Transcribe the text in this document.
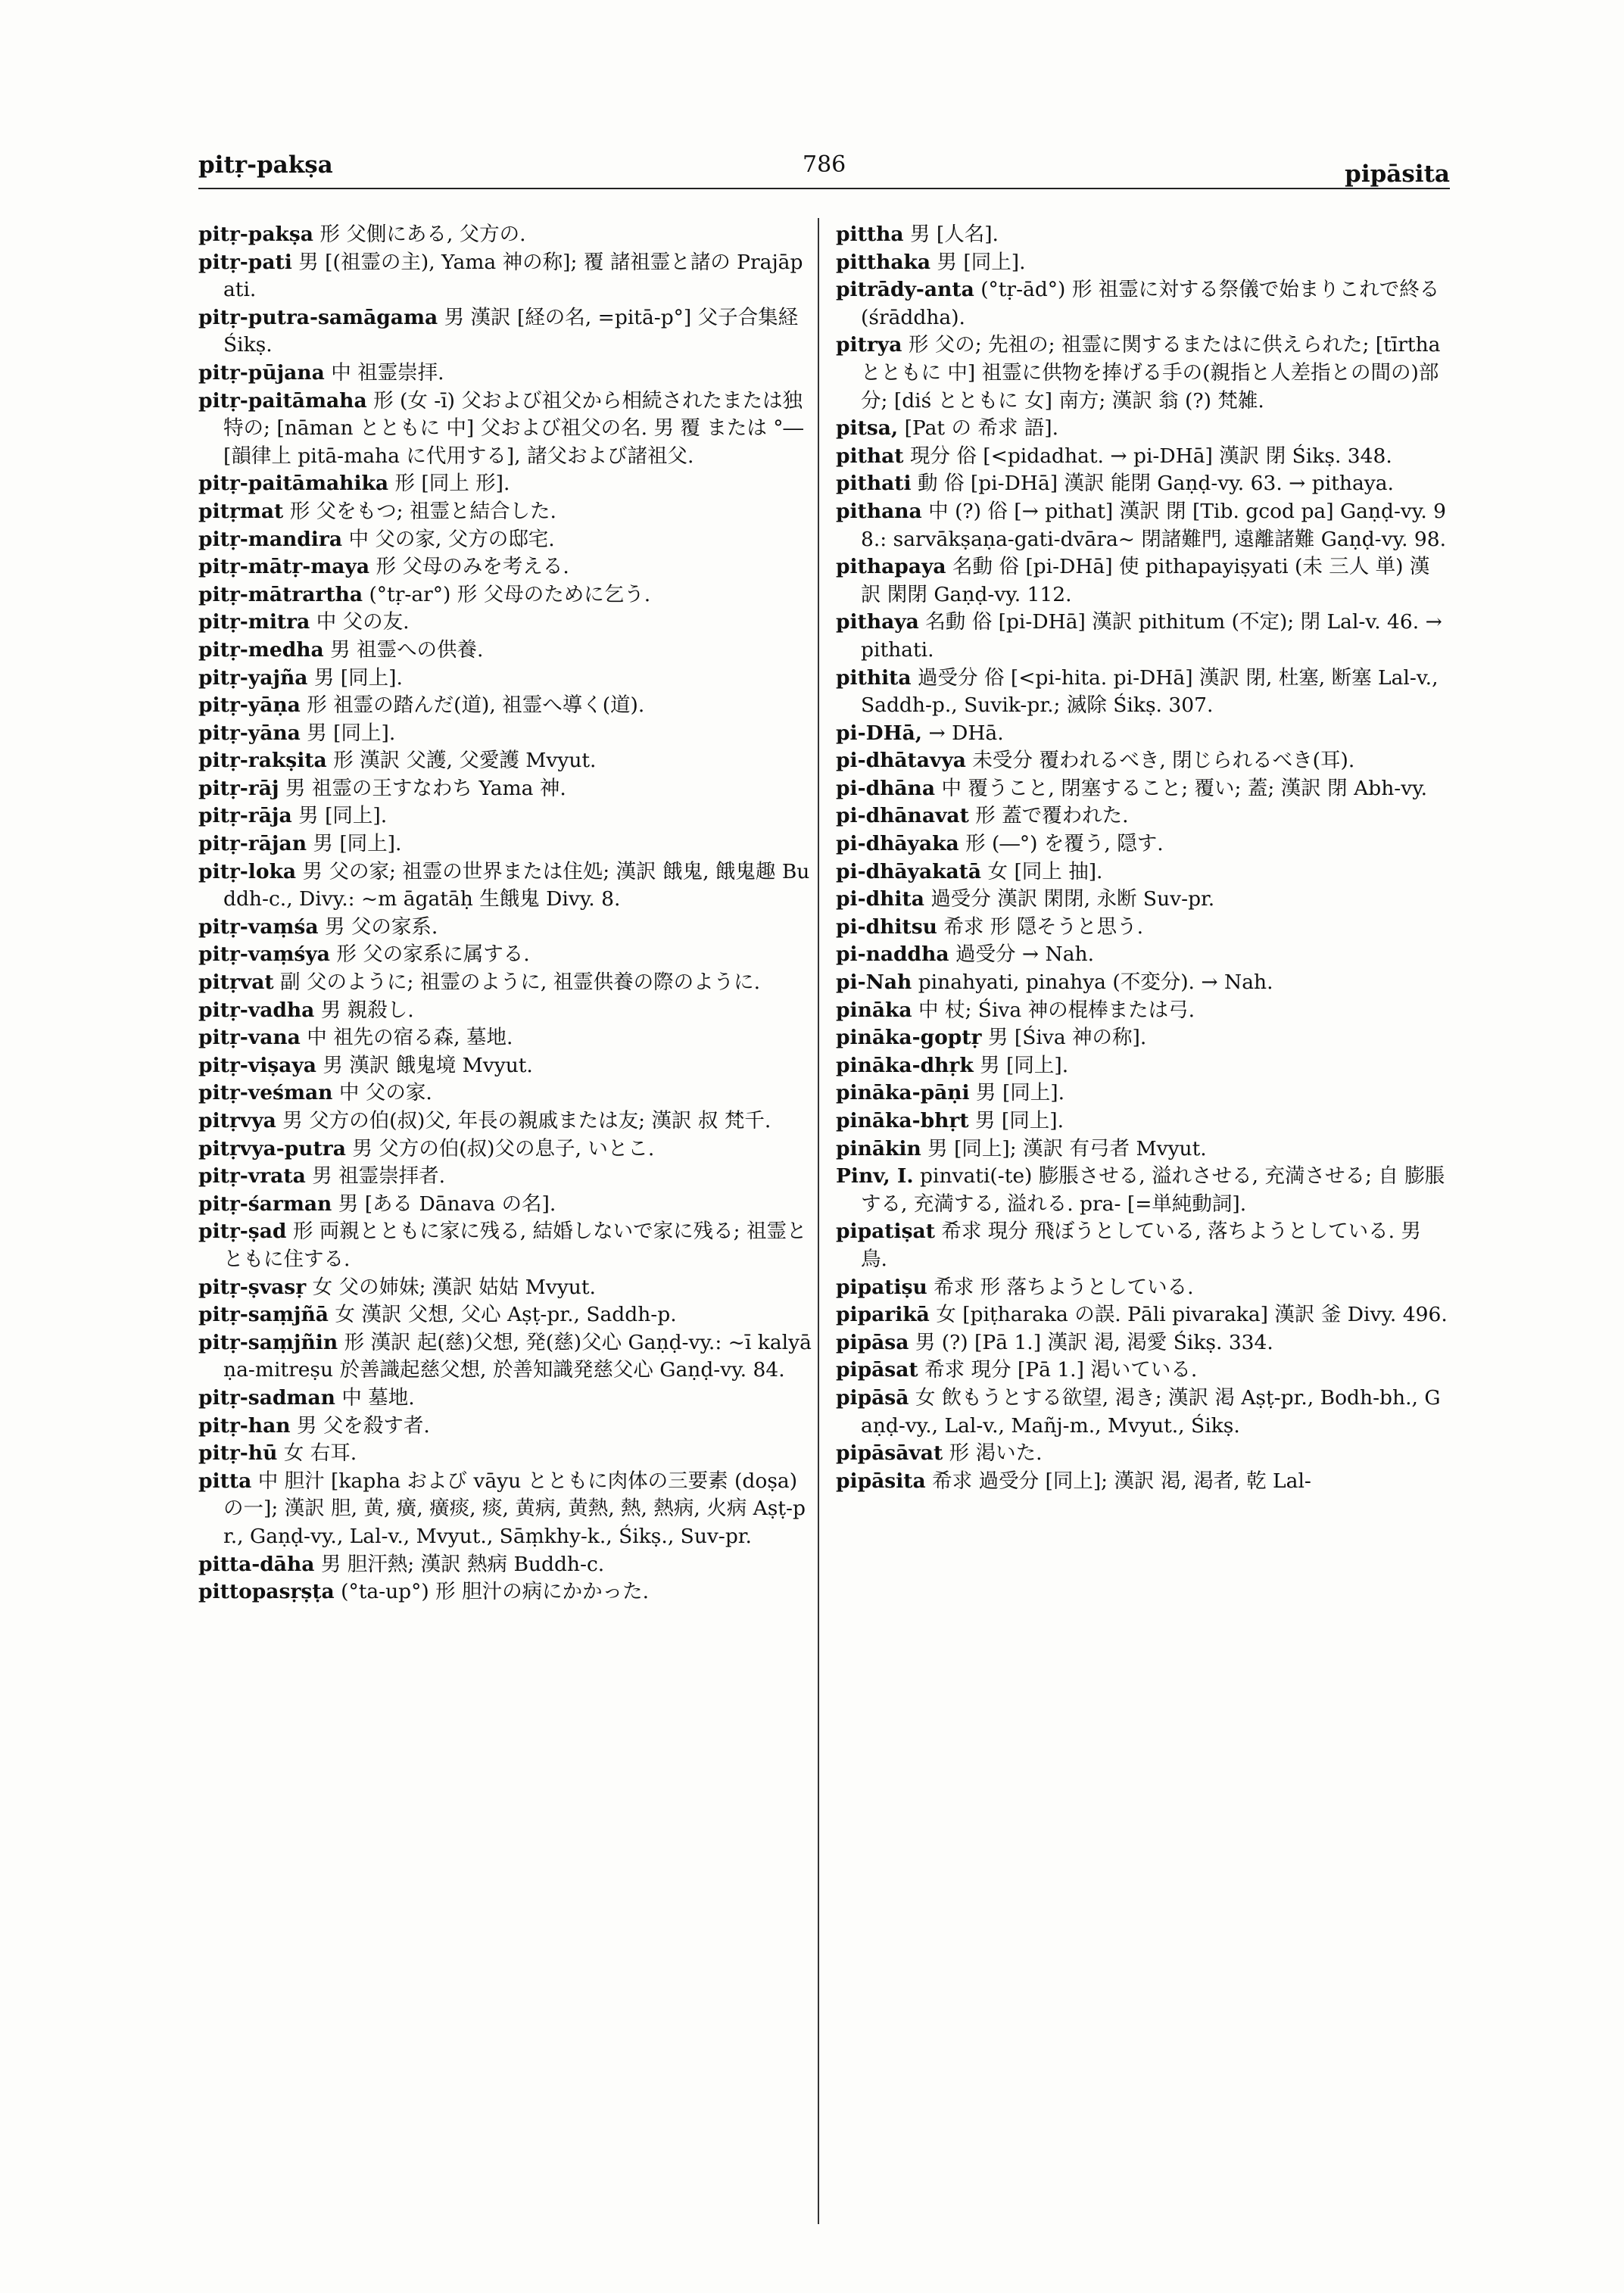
pitṛ-pakṣa	786	pipāsita

pitṛ-pakṣa 形 父側にある, 父方の.

pitṛ-pati 男 [(祖霊の主), Yama 神の称]; 覆 諸祖霊と諸の Prajāpati.

pitṛ-putra-samāgama 男 漢訳 [経の名, =pitā-p°] 父子合集経 Śikṣ.

pitṛ-pūjana 中 祖霊崇拝.

pitṛ-paitāmaha 形 (女 -ī) 父および祖父から相続されたまたは独特の; [nāman とともに 中] 父および祖父の名. 男 覆 または °― [韻律上 pitā-maha に代用する], 諸父および諸祖父.

pitṛ-paitāmahika 形 [同上 形].

pitṛmat 形 父をもつ; 祖霊と結合した.

pitṛ-mandira 中 父の家, 父方の邸宅.

pitṛ-mātṛ-maya 形 父母のみを考える.

pitṛ-mātrartha (°tṛ-ar°) 形 父母のために乞う.

pitṛ-mitra 中 父の友.

pitṛ-medha 男 祖霊への供養.

pitṛ-yajña 男 [同上].

pitṛ-yāṇa 形 祖霊の踏んだ(道), 祖霊へ導く(道).

pitṛ-yāna 男 [同上].

pitṛ-rakṣita 形 漢訳 父護, 父愛護 Mvyut.

pitṛ-rāj 男 祖霊の王すなわち Yama 神.

pitṛ-rāja 男 [同上].

pitṛ-rājan 男 [同上].

pitṛ-loka 男 父の家; 祖霊の世界または住処; 漢訳 餓鬼, 餓鬼趣 Buddh-c., Divy.: ~m āgatāḥ 生餓鬼 Divy. 8.

pitṛ-vaṃśa 男 父の家系.

pitṛ-vaṃśya 形 父の家系に属する.

pitṛvat 副 父のように; 祖霊のように, 祖霊供養の際のように.

pitṛ-vadha 男 親殺し.

pitṛ-vana 中 祖先の宿る森, 墓地.

pitṛ-viṣaya 男 漢訳 餓鬼境 Mvyut.

pitṛ-veśman 中 父の家.

pitṛvya 男 父方の伯(叔)父, 年長の親戚または友; 漢訳 叔 梵千.

pitṛvya-putra 男 父方の伯(叔)父の息子, いとこ.

pitṛ-vrata 男 祖霊崇拝者.

pitṛ-śarman 男 [ある Dānava の名].

pitṛ-ṣad 形 両親とともに家に残る, 結婚しないで家に残る; 祖霊とともに住する.

pitṛ-ṣvasṛ 女 父の姉妹; 漢訳 姑姑 Mvyut.

pitṛ-saṃjñā 女 漢訳 父想, 父心 Aṣṭ-pr., Saddh-p.

pitṛ-saṃjñin 形 漢訳 起(慈)父想, 発(慈)父心 Gaṇḍ-vy.: ~ī kalyāṇa-mitreṣu 於善識起慈父想, 於善知識発慈父心 Gaṇḍ-vy. 84.

pitṛ-sadman 中 墓地.

pitṛ-han 男 父を殺す者.

pitṛ-hū 女 右耳.

pitta 中 胆汁 [kapha および vāyu とともに肉体の三要素 (doṣa) の一]; 漢訳 胆, 黄, 癀, 癀痰, 痰, 黄病, 黄熱, 熱, 熱病, 火病 Aṣṭ-pr., Gaṇḍ-vy., Lal-v., Mvyut., Sāṃkhy-k., Śikṣ., Suv-pr.

pitta-dāha 男 胆汗熱; 漢訳 熱病 Buddh-c.

pittopasṛṣṭa (°ta-up°) 形 胆汁の病にかかった.

pittha 男 [人名].

pitthaka 男 [同上].

pitrādy-anta (°tṛ-ād°) 形 祖霊に対する祭儀で始まりこれで終る (śrāddha).

pitrya 形 父の; 先祖の; 祖霊に関するまたはに供えられた; [tīrtha とともに 中] 祖霊に供物を捧げる手の(親指と人差指との間の)部分; [diś とともに 女] 南方; 漢訳 翁 (?) 梵雑.

pitsa, [Pat の 希求 語].

pithat 現分 俗 [<pidadhat. → pi-DHā] 漢訳 閉 Śikṣ. 348.

pithati 動 俗 [pi-DHā] 漢訳 能閉 Gaṇḍ-vy. 63. → pithaya.

pithana 中 (?) 俗 [→ pithat] 漢訳 閉 [Tib. gcod pa] Gaṇḍ-vy. 98.: sarvākṣaṇa-gati-dvāra~ 閉諸難門, 遠離諸難 Gaṇḍ-vy. 98.

pithapaya 名動 俗 [pi-DHā] 使 pithapayiṣyati (未 三人 単) 漢訳 閑閉 Gaṇḍ-vy. 112.

pithaya 名動 俗 [pi-DHā] 漢訳 pithitum (不定); 閉 Lal-v. 46. → pithati.

pithita 過受分 俗 [<pi-hita. pi-DHā] 漢訳 閉, 杜塞, 断塞 Lal-v., Saddh-p., Suvik-pr.; 滅除 Śikṣ. 307.

pi-DHā, → DHā.

pi-dhātavya 未受分 覆われるべき, 閉じられるべき(耳).

pi-dhāna 中 覆うこと, 閉塞すること; 覆い; 蓋; 漢訳 閉 Abh-vy.

pi-dhānavat 形 蓋で覆われた.

pi-dhāyaka 形 (―°) を覆う, 隠す.

pi-dhāyakatā 女 [同上 抽].

pi-dhita 過受分 漢訳 閑閉, 永断 Suv-pr.

pi-dhitsu 希求 形 隠そうと思う.

pi-naddha 過受分 → Nah.

pi-Nah pinahyati, pinahya (不変分). → Nah.

pināka 中 杖; Śiva 神の棍棒または弓.

pināka-goptṛ 男 [Śiva 神の称].

pināka-dhṛk 男 [同上].

pināka-pāṇi 男 [同上].

pināka-bhṛt 男 [同上].

pinākin 男 [同上]; 漢訳 有弓者 Mvyut.

Pinv, I. pinvati(-te) 膨脹させる, 溢れさせる, 充満させる; 自 膨脹する, 充満する, 溢れる. pra- [=単純動詞].

pipatiṣat 希求 現分 飛ぼうとしている, 落ちようとしている. 男 鳥.

pipatiṣu 希求 形 落ちようとしている.

piparikā 女 [piṭharaka の誤. Pāli pivaraka] 漢訳 釜 Divy. 496.

pipāsa 男 (?) [Pā 1.] 漢訳 渇, 渇愛 Śikṣ. 334.

pipāsat 希求 現分 [Pā 1.] 渇いている.

pipāsā 女 飲もうとする欲望, 渇き; 漢訳 渇 Aṣṭ-pr., Bodh-bh., Gaṇḍ-vy., Lal-v., Mañj-m., Mvyut., Śikṣ.

pipāsāvat 形 渇いた.

pipāsita 希求 過受分 [同上]; 漢訳 渇, 渇者, 乾 Lal-
